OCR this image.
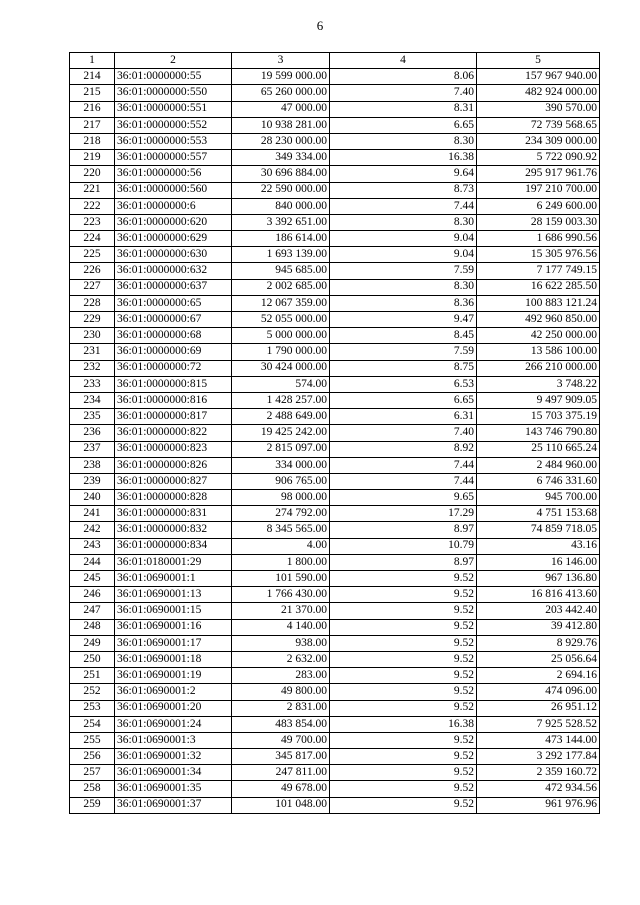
6
1	2	3	4	5
214	36:01:0000000:55	19 599 000.00	8.06	157 967 940.00
215	36:01:0000000:550	65 260 000.00	7.40	482 924 000.00
216	36:01:0000000:551	47 000.00	8.31	390 570.00
217	36:01:0000000:552	10 938 281.00	6.65	72 739 568.65
218	36:01:0000000:553	28 230 000.00	8.30	234 309 000.00
219	36:01:0000000:557	349 334.00	16.38	5 722 090.92
220	36:01:0000000:56	30 696 884.00	9.64	295 917 961.76
221	36:01:0000000:560	22 590 000.00	8.73	197 210 700.00
222	36:01:0000000:6	840 000.00	7.44	6 249 600.00
223	36:01:0000000:620	3 392 651.00	8.30	28 159 003.30
224	36:01:0000000:629	186 614.00	9.04	1 686 990.56
225	36:01:0000000:630	1 693 139.00	9.04	15 305 976.56
226	36:01:0000000:632	945 685.00	7.59	7 177 749.15
227	36:01:0000000:637	2 002 685.00	8.30	16 622 285.50
228	36:01:0000000:65	12 067 359.00	8.36	100 883 121.24
229	36:01:0000000:67	52 055 000.00	9.47	492 960 850.00
230	36:01:0000000:68	5 000 000.00	8.45	42 250 000.00
231	36:01:0000000:69	1 790 000.00	7.59	13 586 100.00
232	36:01:0000000:72	30 424 000.00	8.75	266 210 000.00
233	36:01:0000000:815	574.00	6.53	3 748.22
234	36:01:0000000:816	1 428 257.00	6.65	9 497 909.05
235	36:01:0000000:817	2 488 649.00	6.31	15 703 375.19
236	36:01:0000000:822	19 425 242.00	7.40	143 746 790.80
237	36:01:0000000:823	2 815 097.00	8.92	25 110 665.24
238	36:01:0000000:826	334 000.00	7.44	2 484 960.00
239	36:01:0000000:827	906 765.00	7.44	6 746 331.60
240	36:01:0000000:828	98 000.00	9.65	945 700.00
241	36:01:0000000:831	274 792.00	17.29	4 751 153.68
242	36:01:0000000:832	8 345 565.00	8.97	74 859 718.05
243	36:01:0000000:834	4.00	10.79	43.16
244	36:01:0180001:29	1 800.00	8.97	16 146.00
245	36:01:0690001:1	101 590.00	9.52	967 136.80
246	36:01:0690001:13	1 766 430.00	9.52	16 816 413.60
247	36:01:0690001:15	21 370.00	9.52	203 442.40
248	36:01:0690001:16	4 140.00	9.52	39 412.80
249	36:01:0690001:17	938.00	9.52	8 929.76
250	36:01:0690001:18	2 632.00	9.52	25 056.64
251	36:01:0690001:19	283.00	9.52	2 694.16
252	36:01:0690001:2	49 800.00	9.52	474 096.00
253	36:01:0690001:20	2 831.00	9.52	26 951.12
254	36:01:0690001:24	483 854.00	16.38	7 925 528.52
255	36:01:0690001:3	49 700.00	9.52	473 144.00
256	36:01:0690001:32	345 817.00	9.52	3 292 177.84
257	36:01:0690001:34	247 811.00	9.52	2 359 160.72
258	36:01:0690001:35	49 678.00	9.52	472 934.56
259	36:01:0690001:37	101 048.00	9.52	961 976.96
